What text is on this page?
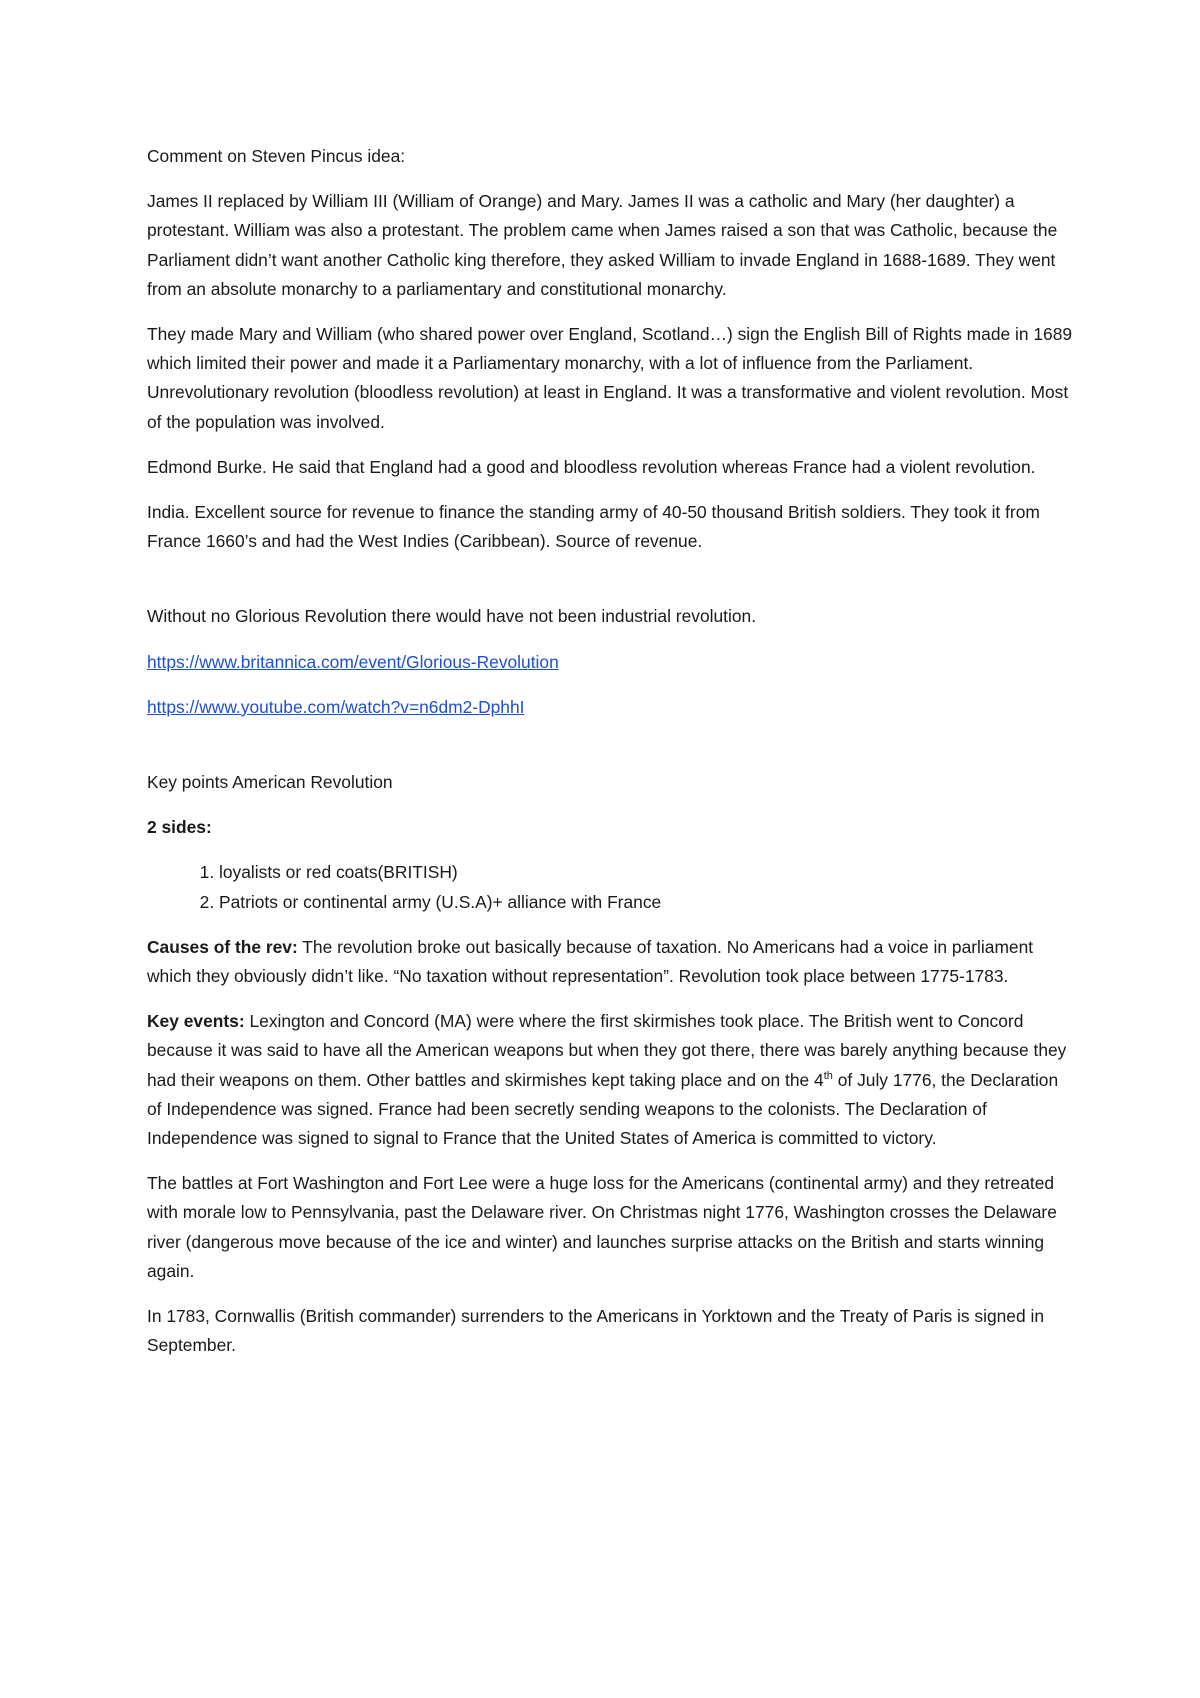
Comment on Steven Pincus idea:

James II replaced by William III (William of Orange) and Mary. James II was a catholic and Mary (her daughter) a protestant. William was also a protestant. The problem came when James raised a son that was Catholic, because the Parliament didn’t want another Catholic king therefore, they asked William to invade England in 1688-1689. They went from an absolute monarchy to a parliamentary and constitutional monarchy.

They made Mary and William (who shared power over England, Scotland…) sign the English Bill of Rights made in 1689 which limited their power and made it a Parliamentary monarchy, with a lot of influence from the Parliament. Unrevolutionary revolution (bloodless revolution) at least in England. It was a transformative and violent revolution. Most of the population was involved.

Edmond Burke. He said that England had a good and bloodless revolution whereas France had a violent revolution.

India. Excellent source for revenue to finance the standing army of 40-50 thousand British soldiers. They took it from France 1660’s and had the West Indies (Caribbean). Source of revenue.

Without no Glorious Revolution there would have not been industrial revolution.

https://www.britannica.com/event/Glorious-Revolution

https://www.youtube.com/watch?v=n6dm2-DphhI

Key points American Revolution

2 sides:

1. loyalists or red coats(BRITISH)
2. Patriots or continental army (U.S.A)+ alliance with France

Causes of the rev: The revolution broke out basically because of taxation. No Americans had a voice in parliament which they obviously didn’t like. “No taxation without representation”. Revolution took place between 1775-1783.

Key events: Lexington and Concord (MA) were where the first skirmishes took place. The British went to Concord because it was said to have all the American weapons but when they got there, there was barely anything because they had their weapons on them. Other battles and skirmishes kept taking place and on the 4th of July 1776, the Declaration of Independence was signed. France had been secretly sending weapons to the colonists. The Declaration of Independence was signed to signal to France that the United States of America is committed to victory.

The battles at Fort Washington and Fort Lee were a huge loss for the Americans (continental army) and they retreated with morale low to Pennsylvania, past the Delaware river. On Christmas night 1776, Washington crosses the Delaware river (dangerous move because of the ice and winter) and launches surprise attacks on the British and starts winning again.

In 1783, Cornwallis (British commander) surrenders to the Americans in Yorktown and the Treaty of Paris is signed in September.
